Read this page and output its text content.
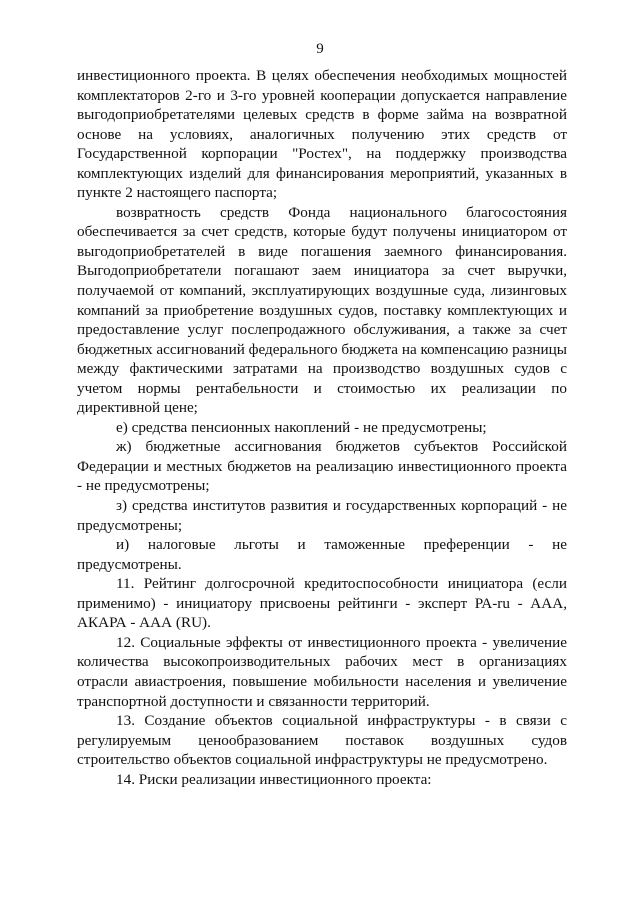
9

инвестиционного проекта. В целях обеспечения необходимых мощностей комплектаторов 2-го и 3-го уровней кооперации допускается направление выгодоприобретателями целевых средств в форме займа на возвратной основе на условиях, аналогичных получению этих средств от Государственной корпорации "Ростех", на поддержку производства комплектующих изделий для финансирования мероприятий, указанных в пункте 2 настоящего паспорта;

возвратность средств Фонда национального благосостояния обеспечивается за счет средств, которые будут получены инициатором от выгодоприобретателей в виде погашения заемного финансирования. Выгодоприобретатели погашают заем инициатора за счет выручки, получаемой от компаний, эксплуатирующих воздушные суда, лизинговых компаний за приобретение воздушных судов, поставку комплектующих и предоставление услуг послепродажного обслуживания, а также за счет бюджетных ассигнований федерального бюджета на компенсацию разницы между фактическими затратами на производство воздушных судов с учетом нормы рентабельности и стоимостью их реализации по директивной цене;

е) средства пенсионных накоплений - не предусмотрены;

ж) бюджетные ассигнования бюджетов субъектов Российской Федерации и местных бюджетов на реализацию инвестиционного проекта - не предусмотрены;

з) средства институтов развития и государственных корпораций - не предусмотрены;

и) налоговые льготы и таможенные преференции - не предусмотрены.

11. Рейтинг долгосрочной кредитоспособности инициатора (если применимо) - инициатору присвоены рейтинги - эксперт РА-ru - ААА, АКАРА - ААА (RU).

12. Социальные эффекты от инвестиционного проекта - увеличение количества высокопроизводительных рабочих мест в организациях отрасли авиастроения, повышение мобильности населения и увеличение транспортной доступности и связанности территорий.

13. Создание объектов социальной инфраструктуры - в связи с регулируемым ценообразованием поставок воздушных судов строительство объектов социальной инфраструктуры не предусмотрено.

14. Риски реализации инвестиционного проекта:
